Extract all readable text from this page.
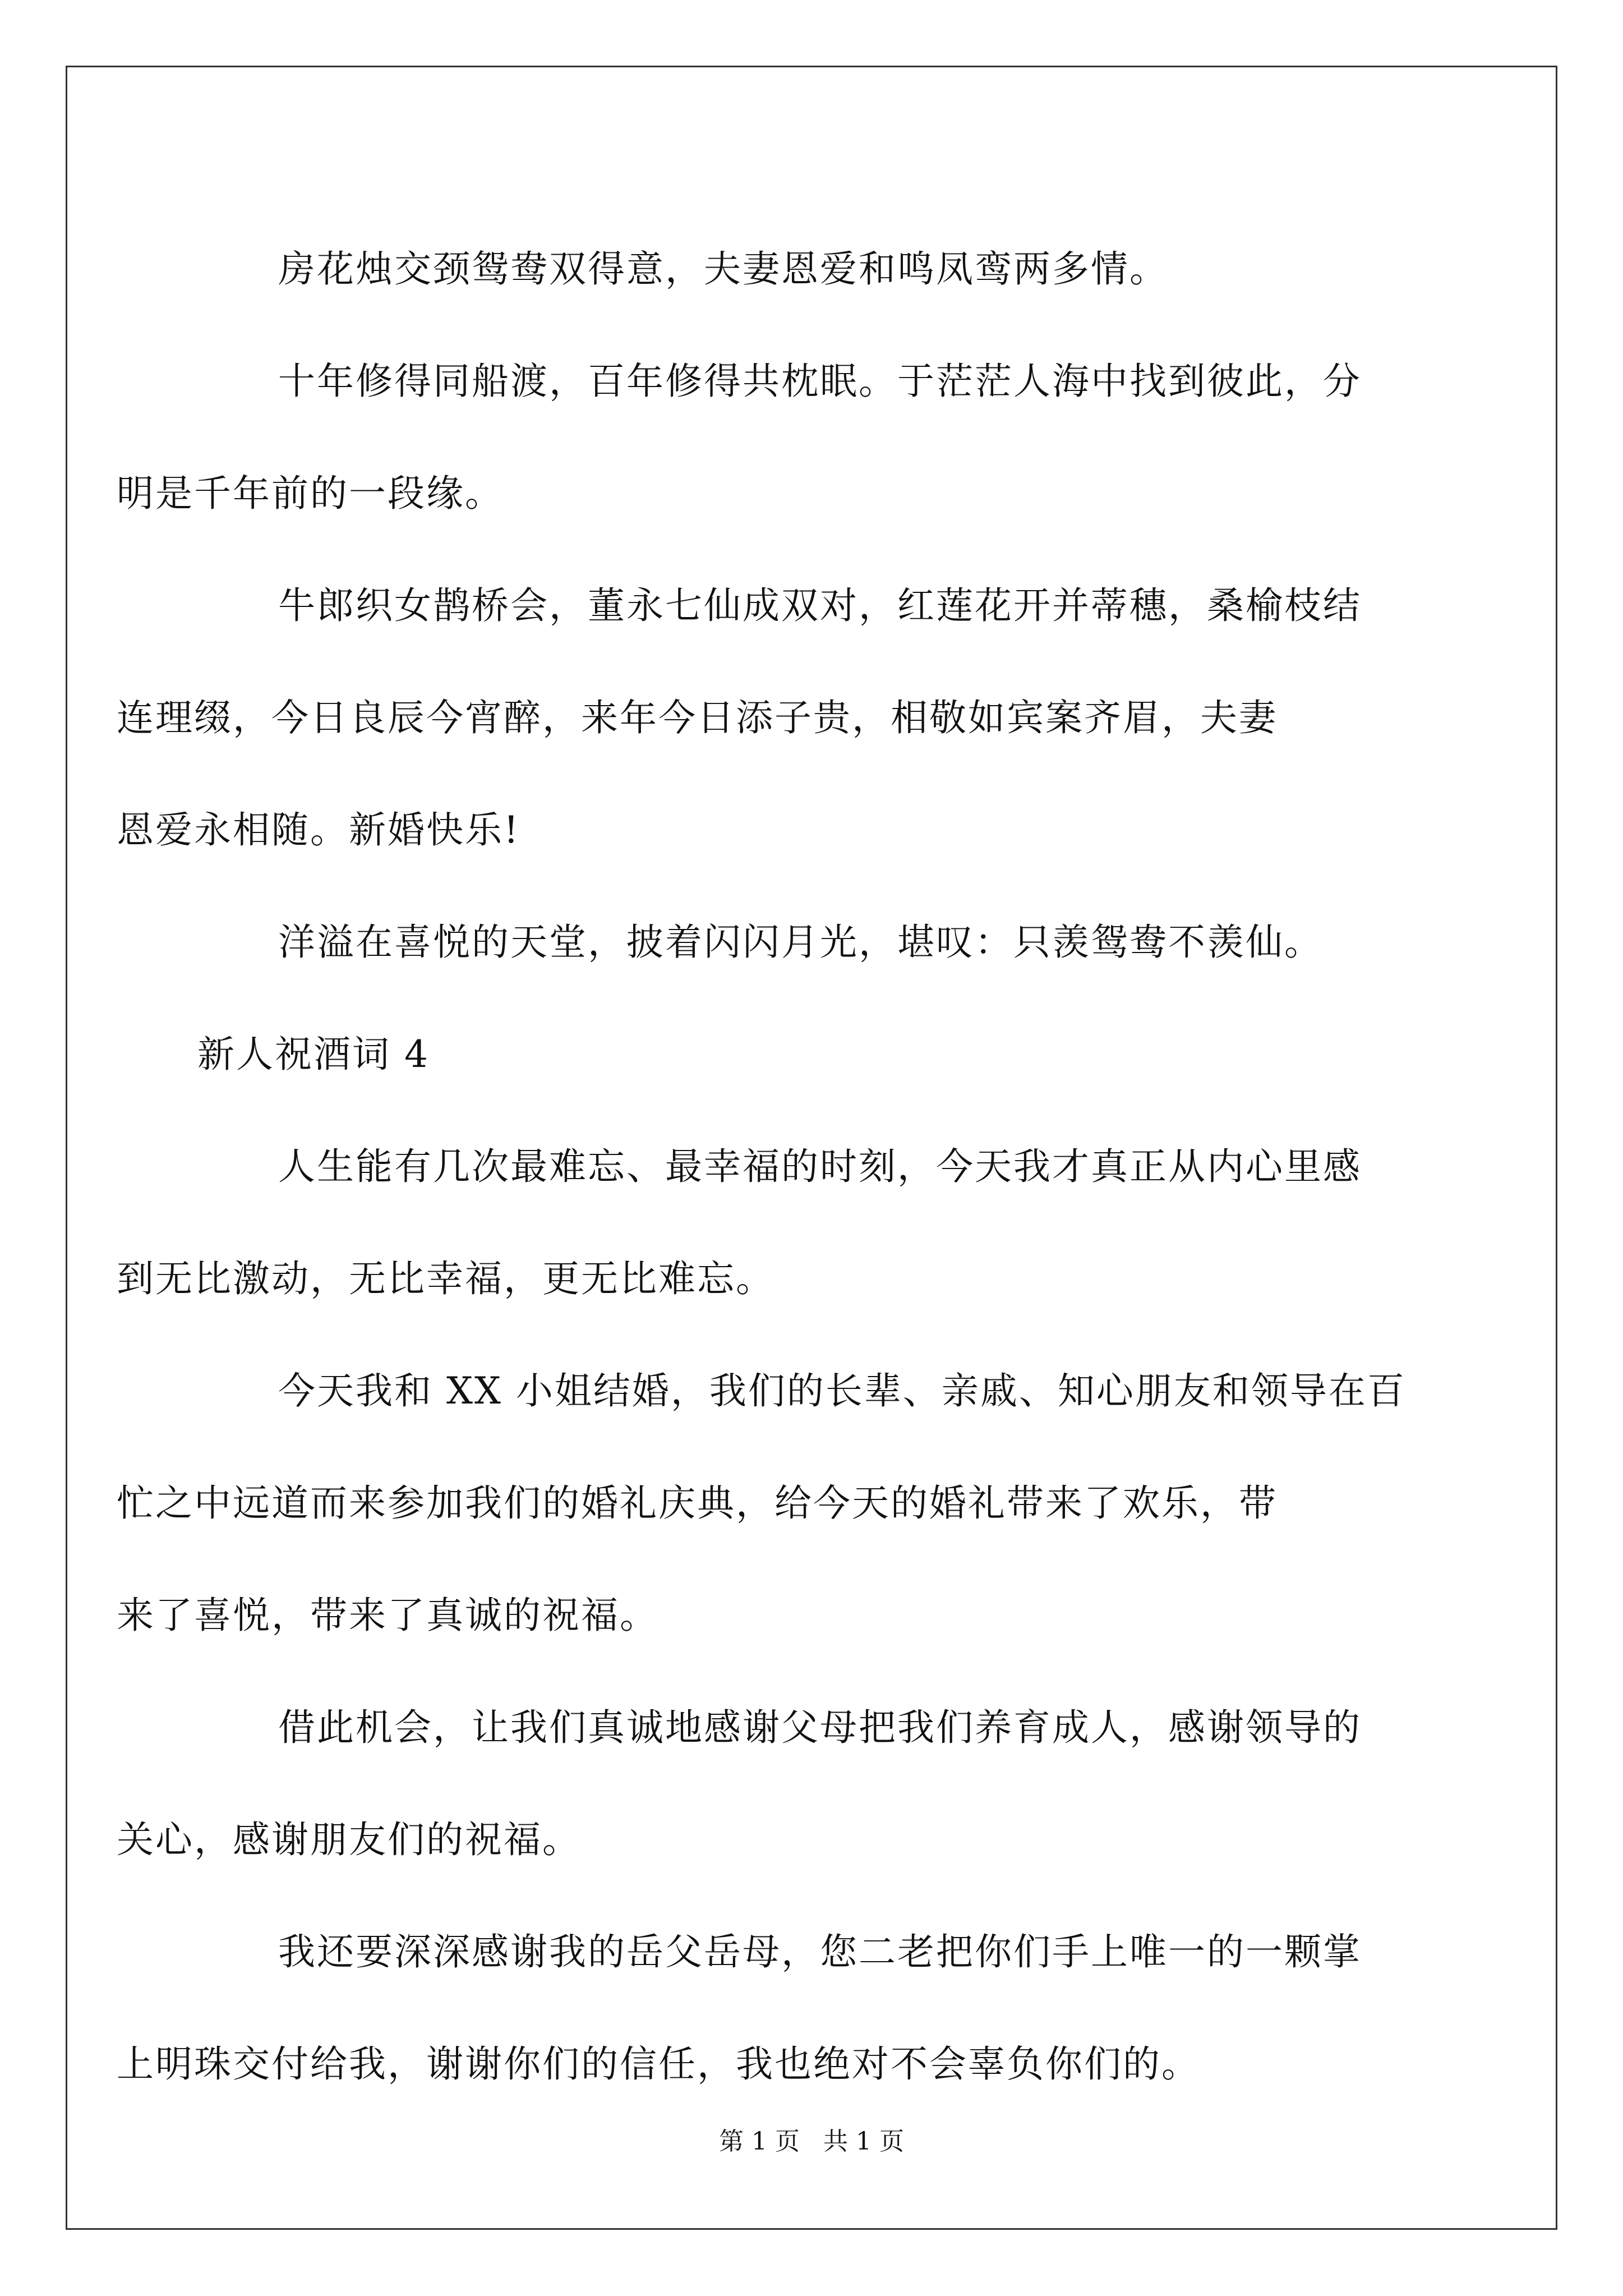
房花烛交颈鸳鸯双得意，夫妻恩爱和鸣凤鸾两多情。

十年修得同船渡，百年修得共枕眠。于茫茫人海中找到彼此，分
明是千年前的一段缘。

牛郎织女鹊桥会，董永七仙成双对，红莲花开并蒂穗，桑榆枝结
连理缀，今日良辰今宵醉，来年今日添子贵，相敬如宾案齐眉，夫妻
恩爱永相随。新婚快乐!

洋溢在喜悦的天堂，披着闪闪月光，堪叹：只羡鸳鸯不羡仙。

新人祝酒词 4

人生能有几次最难忘、最幸福的时刻，今天我才真正从内心里感
到无比激动，无比幸福，更无比难忘。

今天我和 XX 小姐结婚，我们的长辈、亲戚、知心朋友和领导在百
忙之中远道而来参加我们的婚礼庆典，给今天的婚礼带来了欢乐，带
来了喜悦，带来了真诚的祝福。

借此机会，让我们真诚地感谢父母把我们养育成人，感谢领导的
关心，感谢朋友们的祝福。

我还要深深感谢我的岳父岳母，您二老把你们手上唯一的一颗掌
上明珠交付给我，谢谢你们的信任，我也绝对不会辜负你们的。

第 1 页 共 1 页
